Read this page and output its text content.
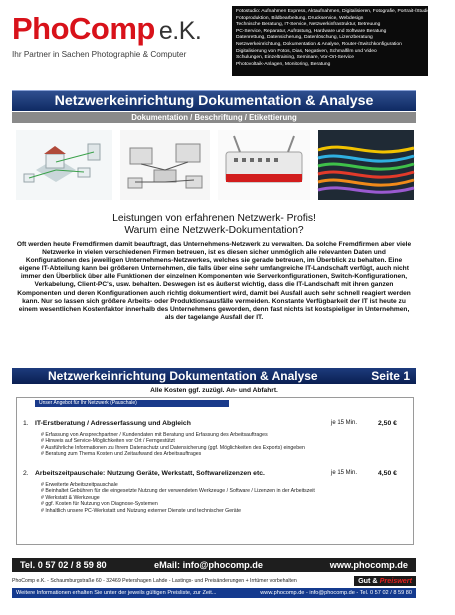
PhoComp e.K.
Ihr Partner in Sachen Photographie & Computer
Fotostudio: Aufnahmen Express, Aktaufnahmen, Digitalisieren, Fotografie, Portrait-/Studioaufnahmen
Fotoproduktion, Bildbearbeitung, Druckservice, Webdesign
Technische Beratung, IT-Service, Netzwerkinfrastruktur, Betreuung
PC-Service, Reparatur, Aufrüstung, Hardware und Software Beratung
Datenrettung, Datensicherung, Datenlöschung, Lizenzberatung
Netzwerkeinrichtung, Dokumentation & Analyse, Router-/Switchkonfiguration
Digitalisierung von Fotos, Dias, Negativen, Schmalfilm und Video
Schulungen, Einzeltraining, Seminare, Vor-Ort-Service
Photovoltaik-Anlagen, Monitoring, Beratung
Netzwerkeinrichtung Dokumentation & Analyse
Dokumentation / Beschriftung / Etikettierung
Leistungen von erfahrenen Netzwerk- Profis!
Warum eine Netzwerk-Dokumentation?
Oft werden heute Fremdfirmen damit beauftragt, das Unternehmens-Netzwerk zu verwalten. Da solche Fremdfirmen aber viele Netzwerke in vielen verschiedenen Firmen betreuen, ist es diesen sicher unmöglich alle relevanten Daten und Konfigurationen des jeweiligen Unternehmens-Netzwerkes, welches sie gerade betreuen, im Überblick zu behalten. Eine eigene IT-Abteilung kann bei größeren Unternehmen, die falls über eine sehr umfangreiche IT-Landschaft verfügt, auch nicht immer den Überblick über alle Funktionen der einzelnen Komponenten wie Serverkonfigurationen, Switch-Konfigurationen, Verkabelung, Client-PC's, usw. behalten. Deswegen ist es äußerst wichtig, dass die IT-Landschaft mit ihren ganzen Komponenten und deren Konfigurationen auch richtig dokumentiert wird, damit bei Ausfall auch sehr schnell reagiert werden kann. Nur so lassen sich größere Arbeits- oder Produktionsausfälle vermeiden. Konstante Verfügbarkeit der IT ist heute zu einem wesentlichen Kostenfaktor innerhalb des Unternehmens geworden, denn fast nichts ist kostspieliger in Unternehmen, als der tagelange Ausfall der IT.
Netzwerkeinrichtung Dokumentation & Analyse	Seite 1
Alle Kosten ggf. zuzügl. An- und Abfahrt.
Unser Angebot für Ihr Netzwerk (Pauschale)
1. IT-Erstberatung / Adresserfassung und Abgleich	je 15 Min.	2,50 €
# Erfassung von Ansprechpartner / Kundendaten mit Beratung und Erfassung des Arbeitsauftrages
# Hinweis auf Service-Möglichkeiten vor Ort / Ferngestützt
# Ausführliche Informationen zu Ihrem Datenschutz und Datensicherung (ggf. Möglichkeiten des Exports) eingeben
# Beratung zum Thema Kosten und Zeitaufwand des Arbeitsauftrages
2. Arbeitszeitpauschale: Nutzung Geräte, Werkstatt, Softwarelizenzen etc.	je 15 Min.	4,50 €
# Erweiterte Arbeitszeitpauschale
# Beinhaltet Gebühren für die eingesetzte Nutzung der verwendeten Werkzeuge / Software / Lizenzen in der Arbeitszeit
# Werkstatt & Werkzeuge
# ggf. Kosten für Nutzung von Diagnose-Systemen
# Inhaltlich unsere PC-Werkstatt und Nutzung externer Dienste und technischer Geräte
Tel. 0 57 02 / 8 59 80	eMail: info@phocomp.de	www.phocomp.de
PhoComp e.K. - Schaumburgstraße 60 - 32469 Petershagen Lahde - Lastings- und Preisänderungen + Irrtümer vorbehalten	Gut & Preiswert
Weitere Informationen erhalten Sie unter der jeweils gültigen Preisliste, zur Zeit...	www.phocomp.de - info@phocomp.de - Tel. 0 57 02 / 8 59 80
